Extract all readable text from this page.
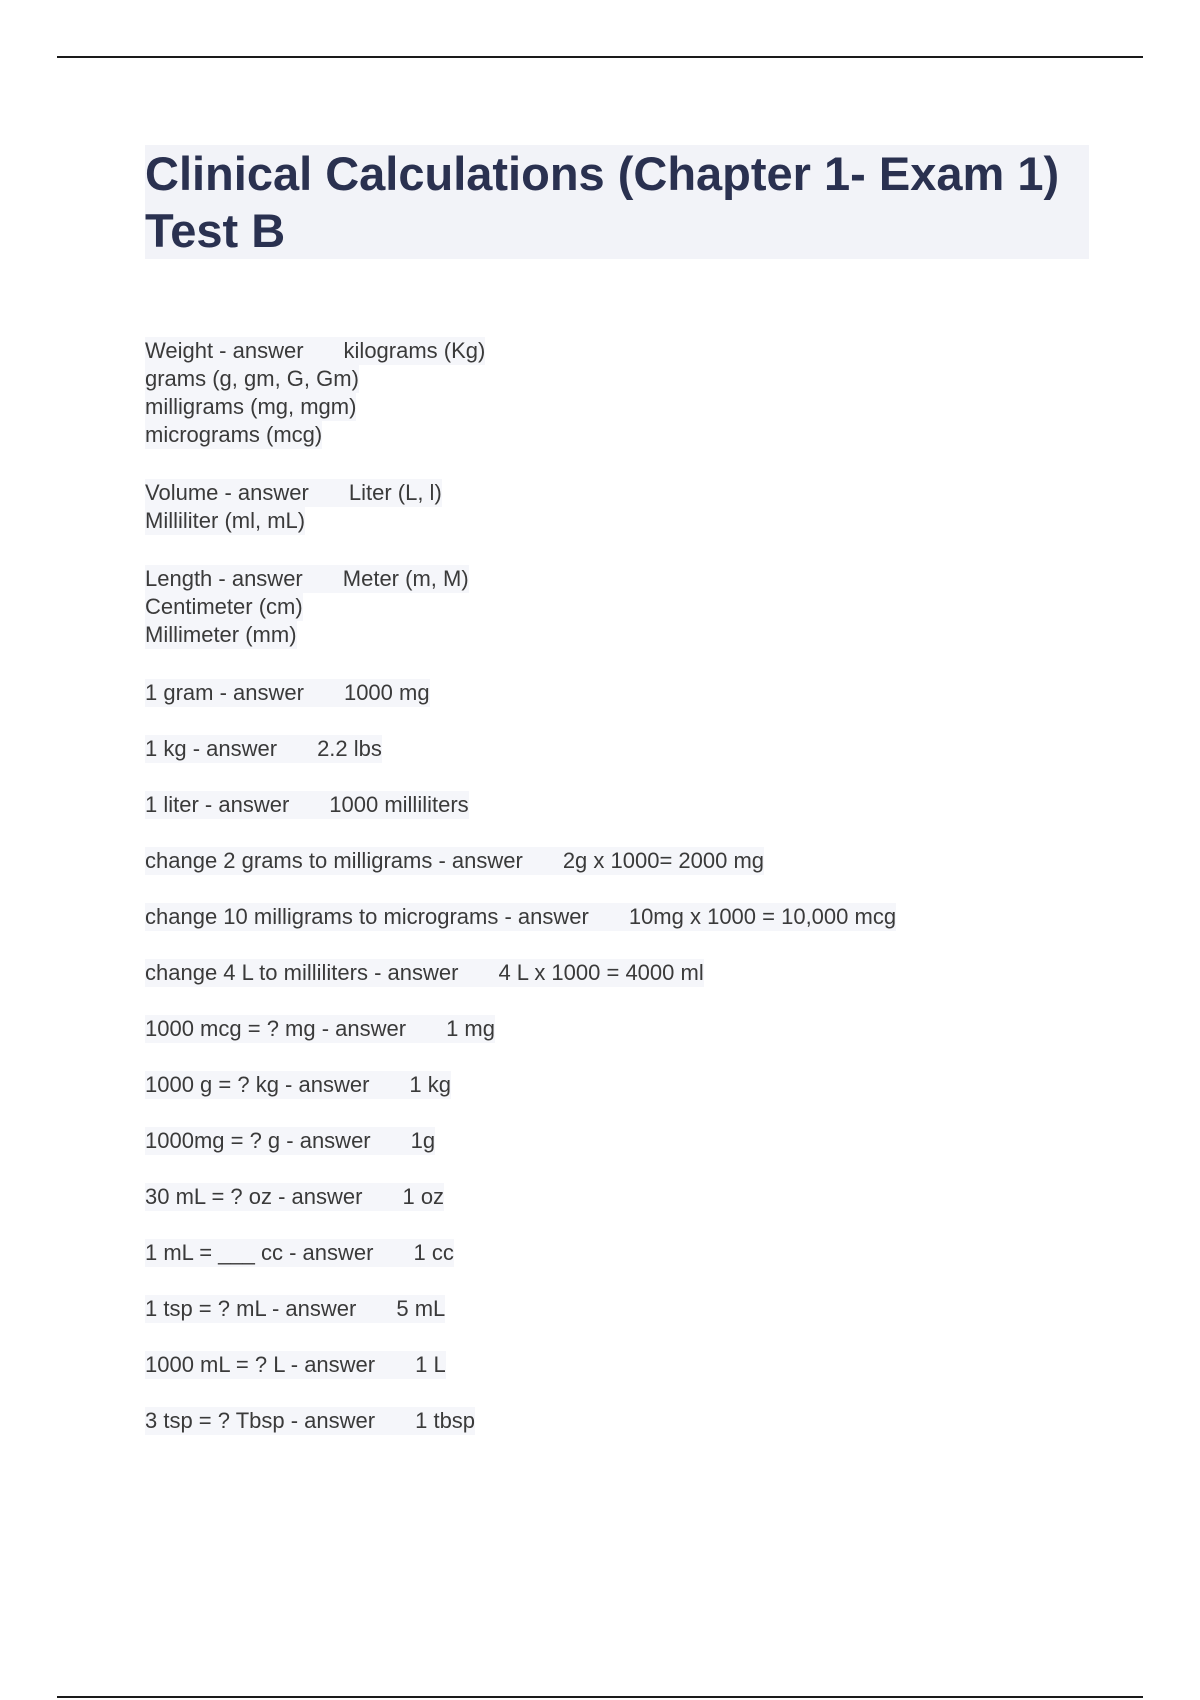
Clinical Calculations (Chapter 1- Exam 1)
Test B
Weight - answer kilograms (Kg)
grams (g, gm, G, Gm)
milligrams (mg, mgm)
micrograms (mcg)
Volume - answer Liter (L, l)
Milliliter (ml, mL)
Length - answer Meter (m, M)
Centimeter (cm)
Millimeter (mm)
1 gram - answer 1000 mg
1 kg - answer 2.2 lbs
1 liter - answer 1000 milliliters
change 2 grams to milligrams - answer 2g x 1000= 2000 mg
change 10 milligrams to micrograms - answer 10mg x 1000 = 10,000 mcg
change 4 L to milliliters - answer 4 L x 1000 = 4000 ml
1000 mcg = ? mg - answer 1 mg
1000 g = ? kg - answer 1 kg
1000mg = ? g - answer 1g
30 mL = ? oz - answer 1 oz
1 mL = ___ cc - answer 1 cc
1 tsp = ? mL - answer 5 mL
1000 mL = ? L - answer 1 L
3 tsp = ? Tbsp - answer 1 tbsp
